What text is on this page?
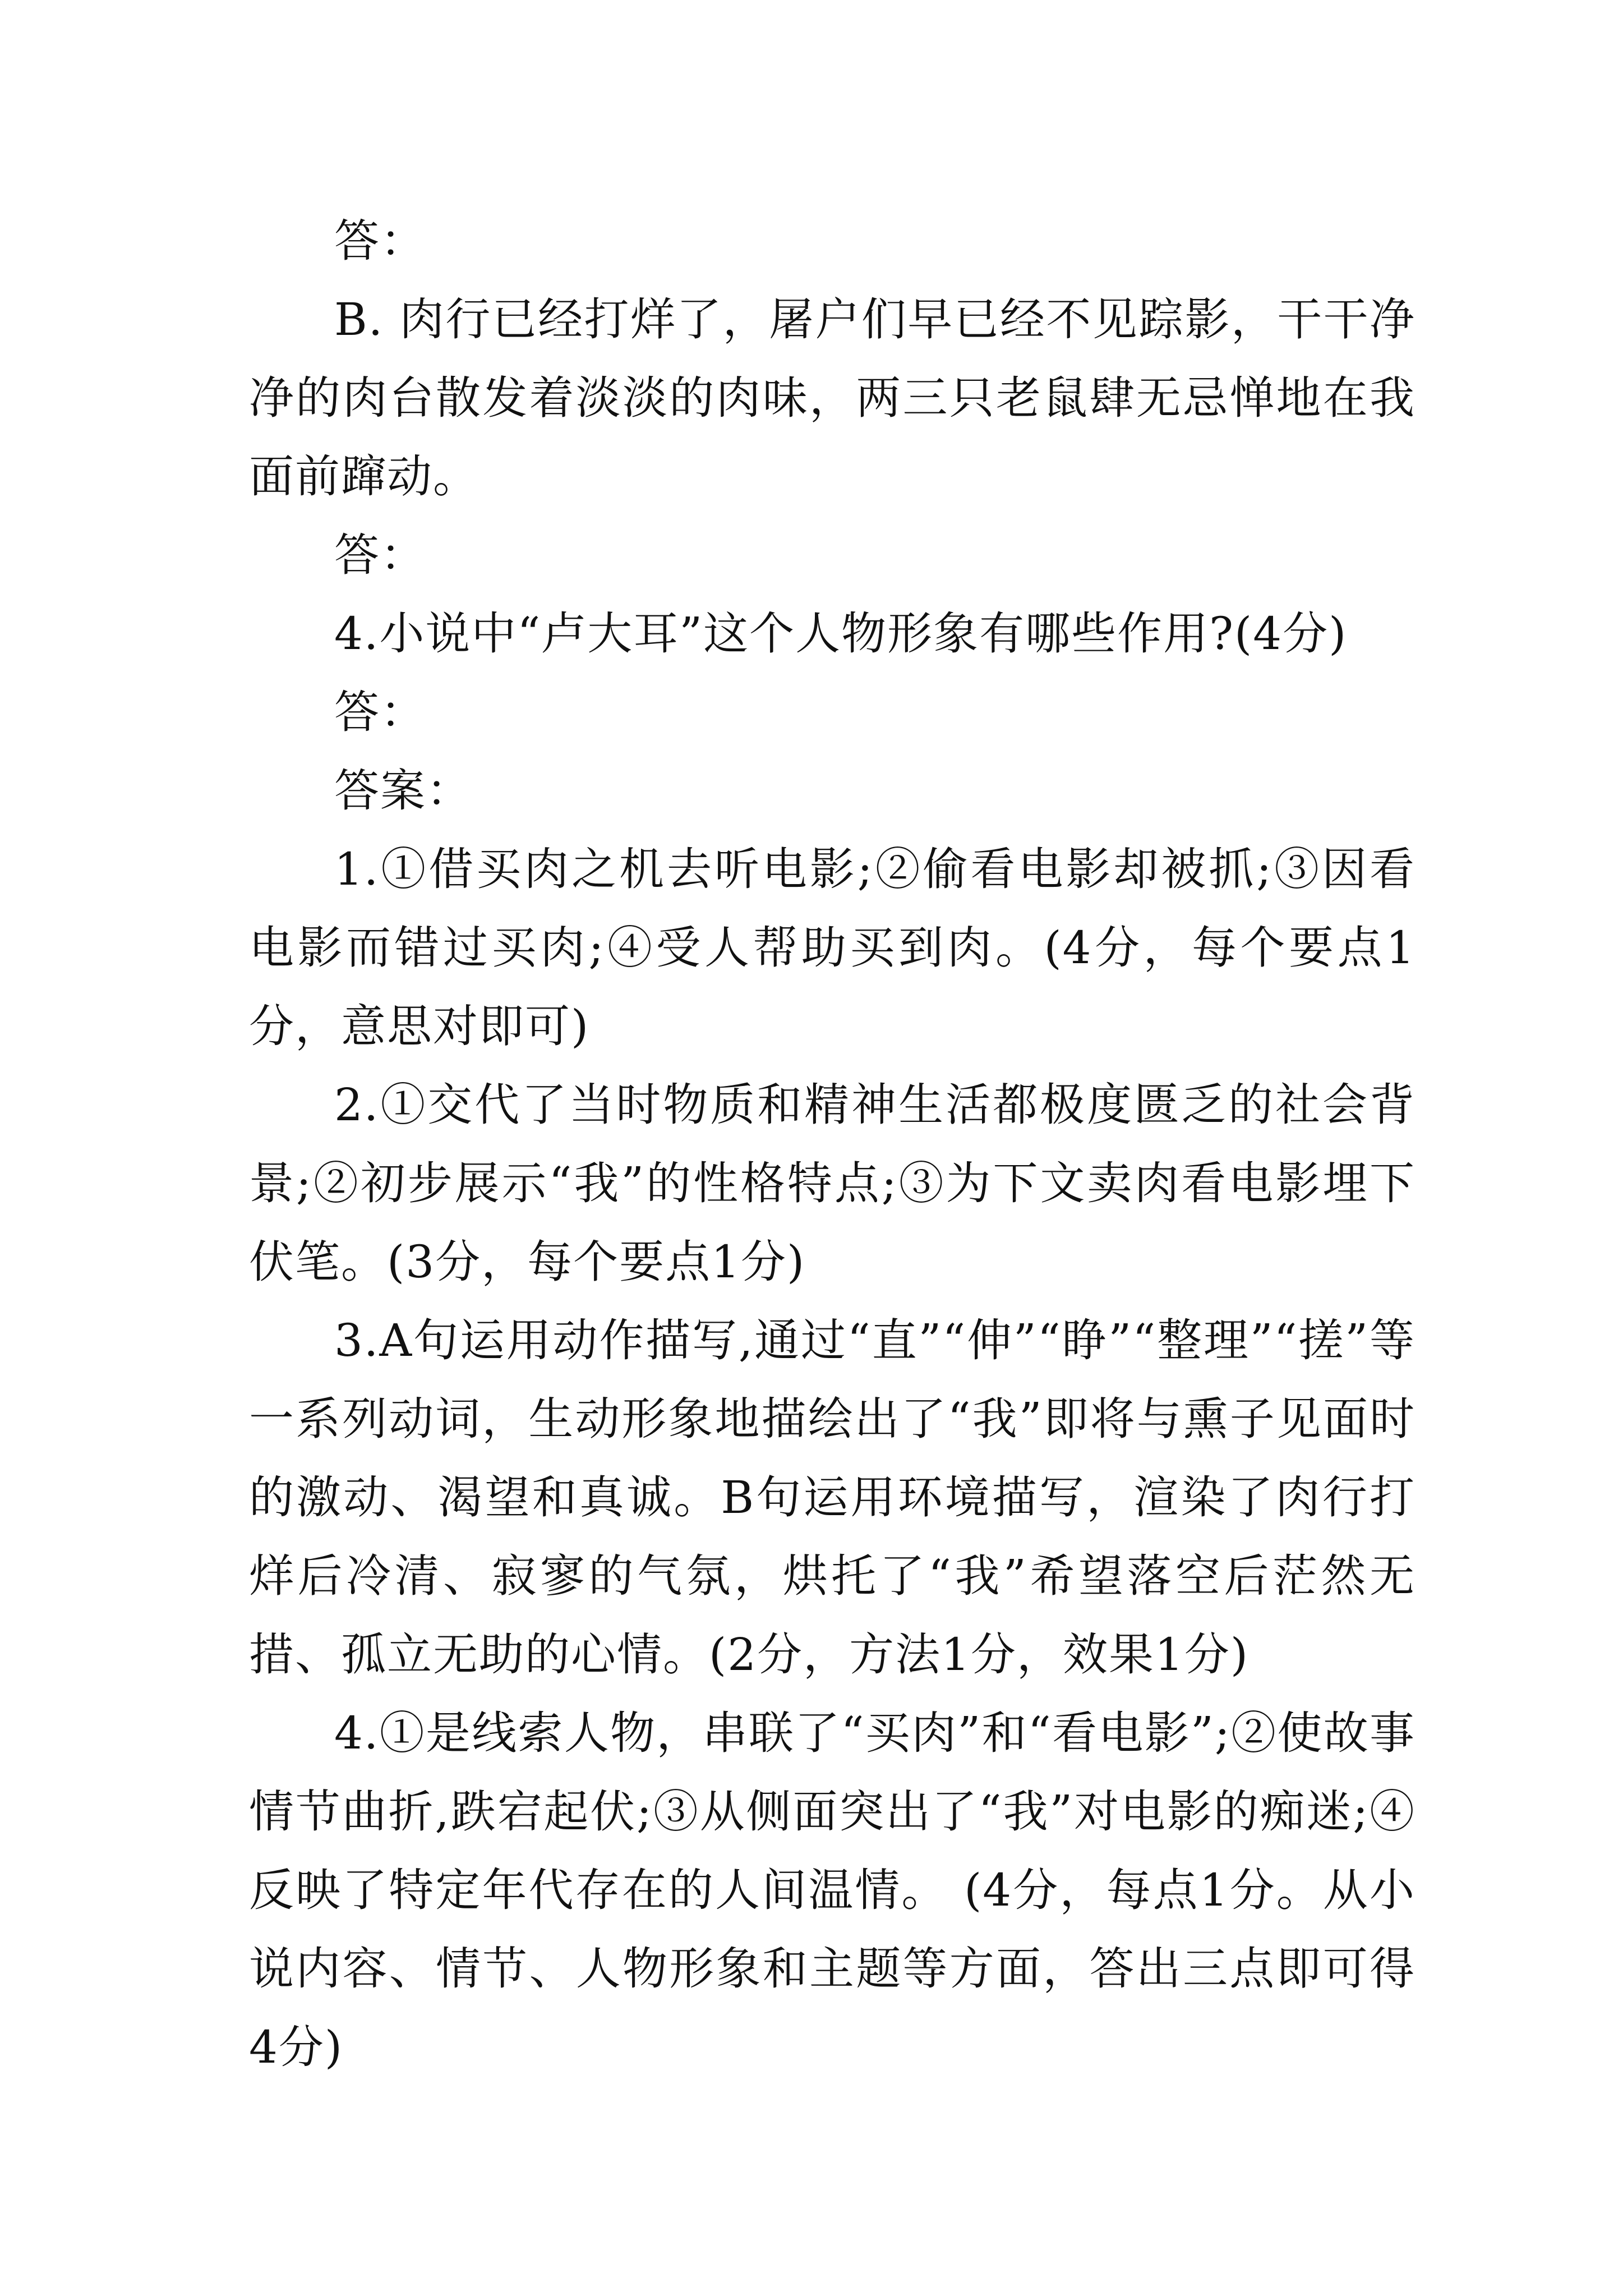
答：

B. 肉行已经打烊了，屠户们早已经不见踪影，干干净净的肉台散发着淡淡的肉味，两三只老鼠肆无忌惮地在我面前蹿动。

答：

4.小说中“卢大耳”这个人物形象有哪些作用?(4分)

答：

答案：

1.①借买肉之机去听电影;②偷看电影却被抓;③因看电影而错过买肉;④受人帮助买到肉。(4分，每个要点1分，意思对即可)

2.①交代了当时物质和精神生活都极度匮乏的社会背景;②初步展示“我”的性格特点;③为下文卖肉看电影埋下伏笔。(3分，每个要点1分)

3.A句运用动作描写,通过“直”“伸”“睁”“整理”“搓”等一系列动词，生动形象地描绘出了“我”即将与熏子见面时的激动、渴望和真诚。B句运用环境描写，渲染了肉行打烊后冷清、寂寥的气氛，烘托了“我”希望落空后茫然无措、孤立无助的心情。(2分，方法1分，效果1分)

4.①是线索人物，串联了“买肉”和“看电影”;②使故事情节曲折,跌宕起伏;③从侧面突出了“我”对电影的痴迷;④反映了特定年代存在的人间温情。 (4分，每点1分。从小说内容、情节、人物形象和主题等方面，答出三点即可得4分)
